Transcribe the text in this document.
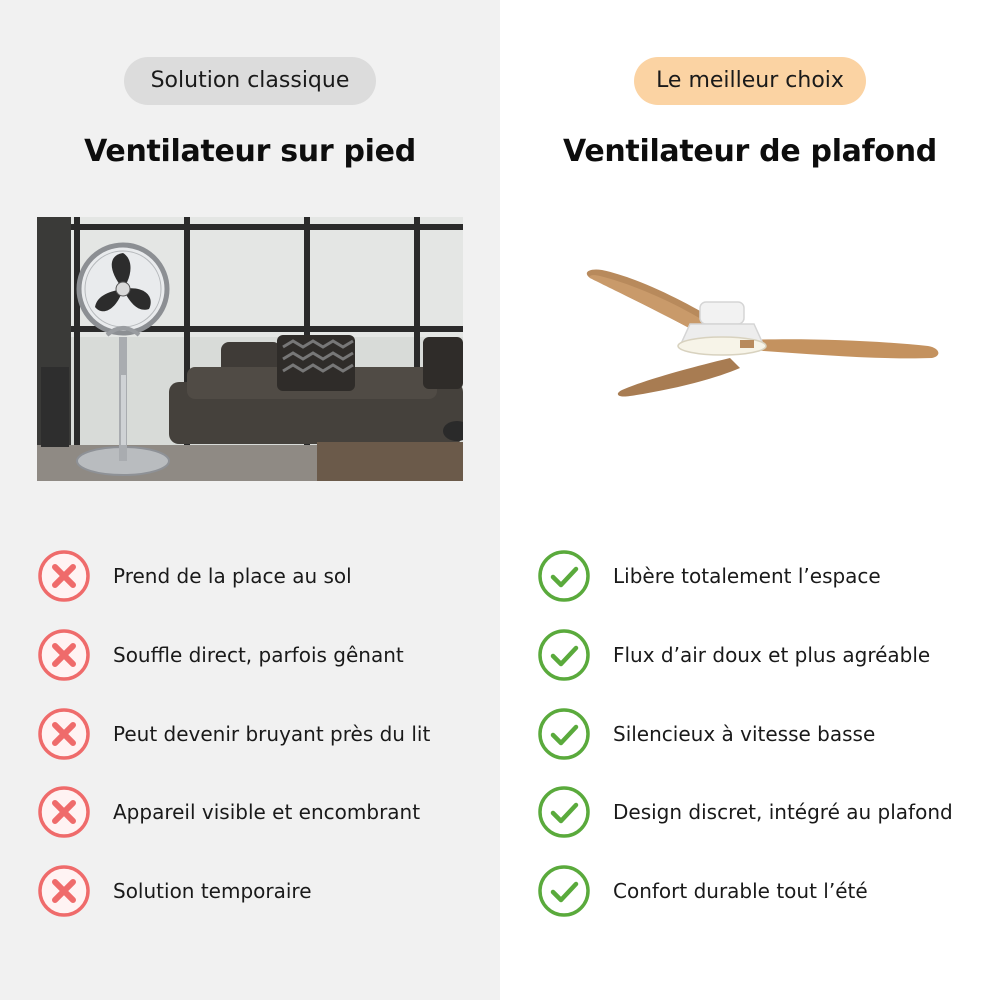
Solution classique
Ventilateur sur pied
Prend de la place au sol
Souffle direct, parfois gênant
Peut devenir bruyant près du lit
Appareil visible et encombrant
Solution temporaire
Le meilleur choix
Ventilateur de plafond
Libère totalement l’espace
Flux d’air doux et plus agréable
Silencieux à vitesse basse
Design discret, intégré au plafond
Confort durable tout l’été
